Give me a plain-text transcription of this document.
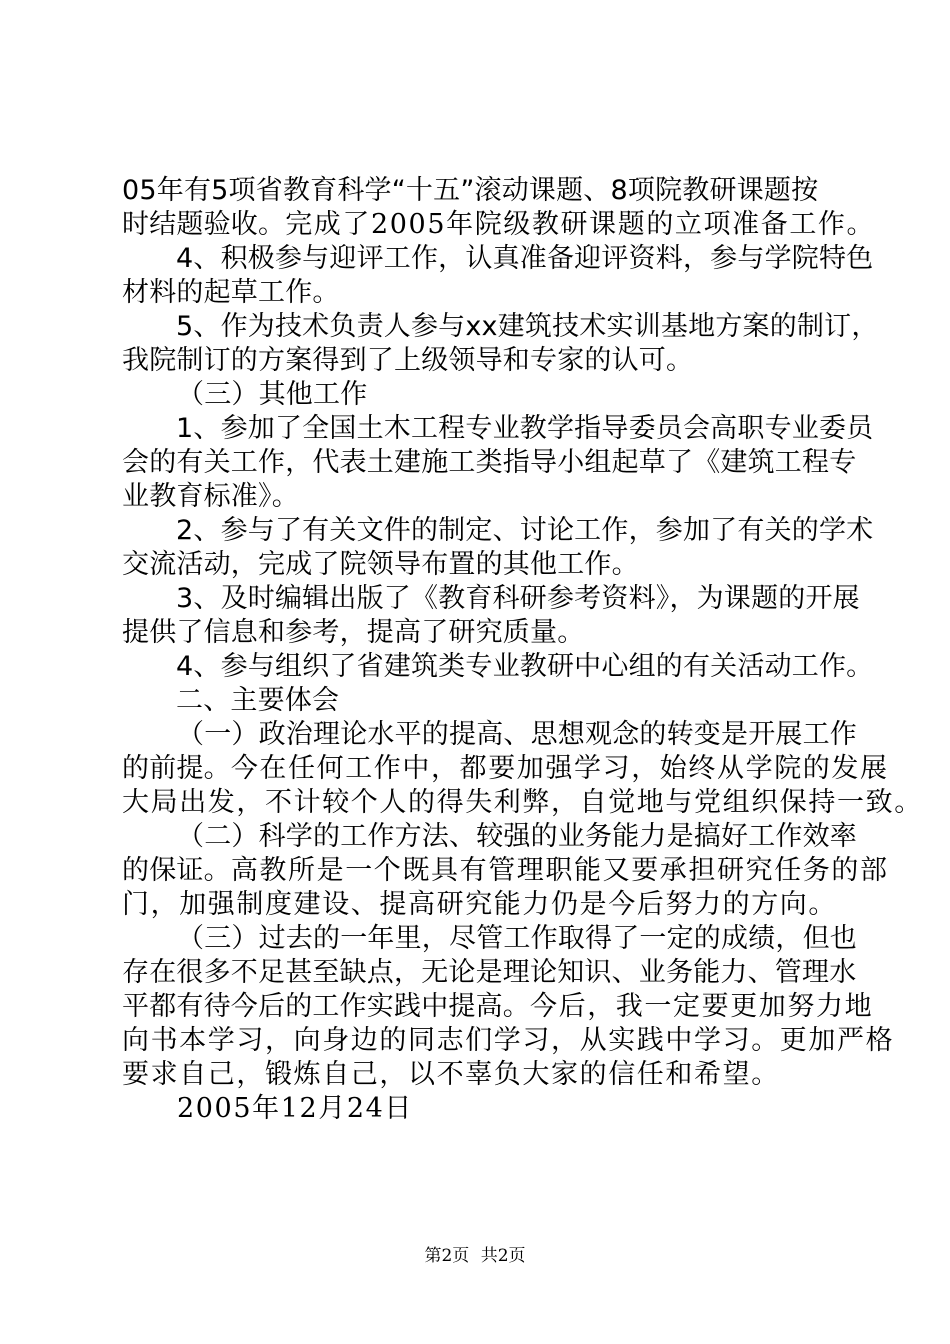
05年有5项省教育科学“十五”滚动课题、8项院教研课题按
时结题验收。完成了2005年院级教研课题的立项准备工作。
4、积极参与迎评工作，认真准备迎评资料，参与学院特色
材料的起草工作。
5、作为技术负责人参与xx建筑技术实训基地方案的制订，
我院制订的方案得到了上级领导和专家的认可。
（三）其他工作
1、参加了全国土木工程专业教学指导委员会高职专业委员
会的有关工作，代表土建施工类指导小组起草了《建筑工程专
业教育标准》。
2、参与了有关文件的制定、讨论工作，参加了有关的学术
交流活动，完成了院领导布置的其他工作。
3、及时编辑出版了《教育科研参考资料》，为课题的开展
提供了信息和参考，提高了研究质量。
4、参与组织了省建筑类专业教研中心组的有关活动工作。
二、主要体会
（一）政治理论水平的提高、思想观念的转变是开展工作
的前提。今在任何工作中，都要加强学习，始终从学院的发展
大局出发，不计较个人的得失利弊，自觉地与党组织保持一致。
（二）科学的工作方法、较强的业务能力是搞好工作效率
的保证。高教所是一个既具有管理职能又要承担研究任务的部
门，加强制度建设、提高研究能力仍是今后努力的方向。
（三）过去的一年里，尽管工作取得了一定的成绩，但也
存在很多不足甚至缺点，无论是理论知识、业务能力、管理水
平都有待今后的工作实践中提高。今后，我一定要更加努力地
向书本学习，向身边的同志们学习，从实践中学习。更加严格
要求自己，锻炼自己，以不辜负大家的信任和希望。
2005年12月24日
第2页 共2页
